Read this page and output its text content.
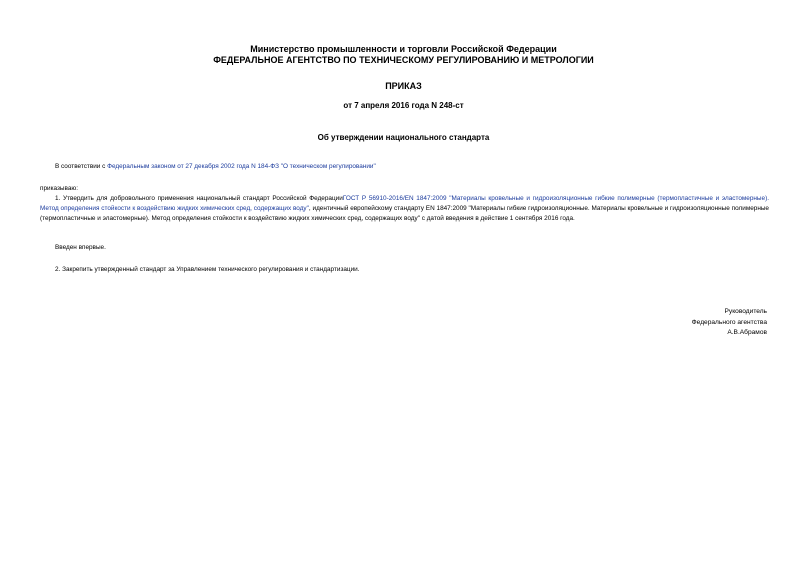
Министерство промышленности и торговли Российской Федерации
ФЕДЕРАЛЬНОЕ АГЕНТСТВО ПО ТЕХНИЧЕСКОМУ РЕГУЛИРОВАНИЮ И МЕТРОЛОГИИ
ПРИКАЗ
от 7 апреля 2016 года N 248-ст
Об утверждении национального стандарта
В соответствии с Федеральным законом от 27 декабря 2002 года N 184-ФЗ "О техническом регулировании"
приказываю:
1. Утвердить для добровольного применения национальный стандарт Российской ФедерацииГОСТ Р 56910-2016/EN 1847:2009 "Материалы кровельные и гидроизоляционные гибкие полимерные (термопластичные и эластомерные). Метод определения стойкости к воздействию жидких химических сред, содержащих воду", идентичный европейскому стандарту EN 1847:2009 "Материалы гибкие гидроизоляционные. Материалы кровельные и гидроизоляционные полимерные (термопластичные и эластомерные). Метод определения стойкости к воздействию жидких химических сред, содержащих воду" с датой введения в действие 1 сентября 2016 года.
Введен впервые.
2. Закрепить утвержденный стандарт за Управлением технического регулирования и стандартизации.
Руководитель
Федерального агентства
А.В.Абрамов
